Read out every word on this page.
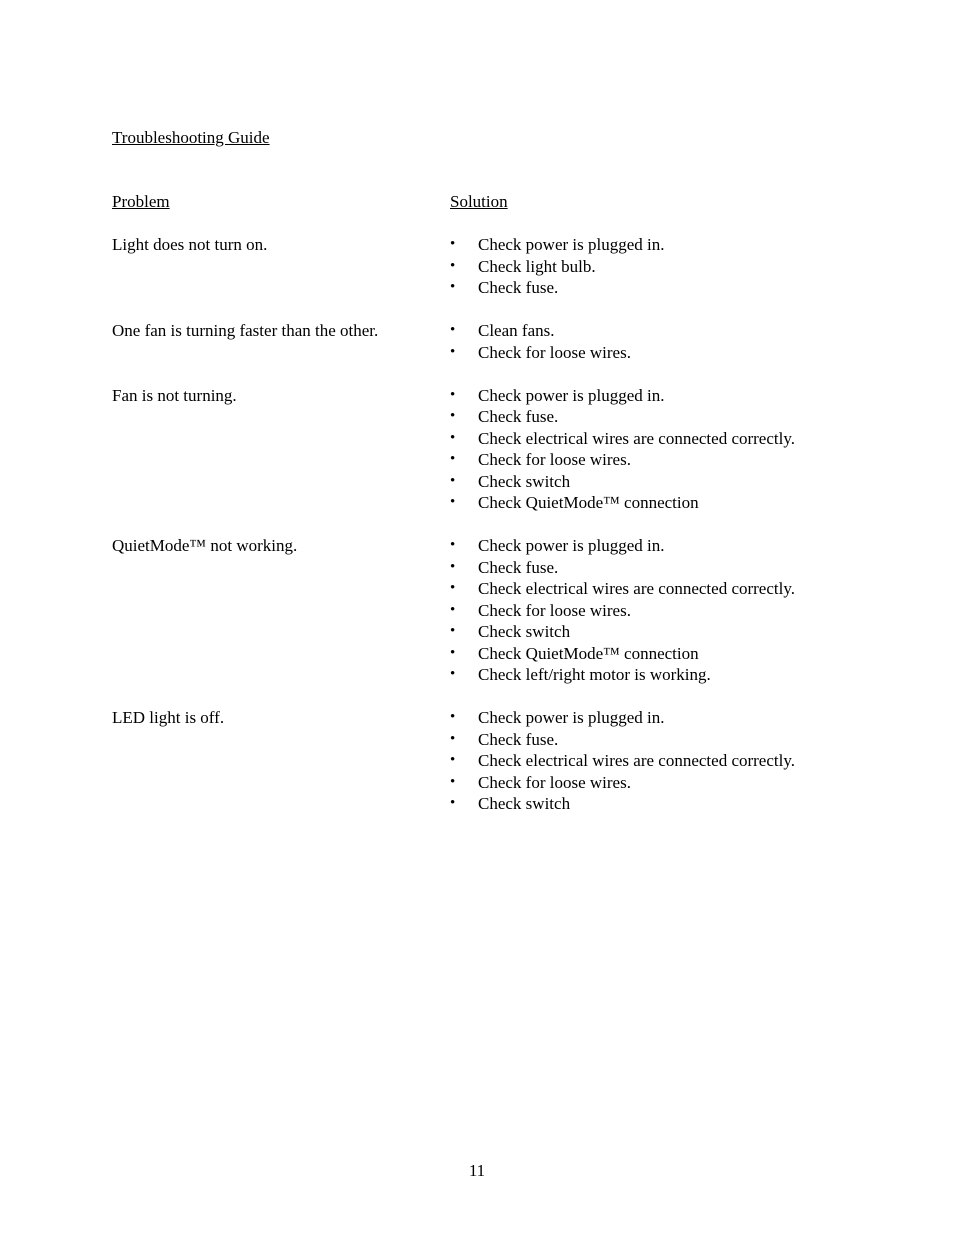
Troubleshooting Guide
Problem	Solution
Light does not turn on.	• Check power is plugged in.
• Check light bulb.
• Check fuse.
One fan is turning faster than the other.	• Clean fans.
• Check for loose wires.
Fan is not turning.	• Check power is plugged in.
• Check fuse.
• Check electrical wires are connected correctly.
• Check for loose wires.
• Check switch
• Check QuietMode™ connection
QuietMode™ not working.	• Check power is plugged in.
• Check fuse.
• Check electrical wires are connected correctly.
• Check for loose wires.
• Check switch
• Check QuietMode™ connection
• Check left/right motor is working.
LED light is off.	• Check power is plugged in.
• Check fuse.
• Check electrical wires are connected correctly.
• Check for loose wires.
• Check switch
11
